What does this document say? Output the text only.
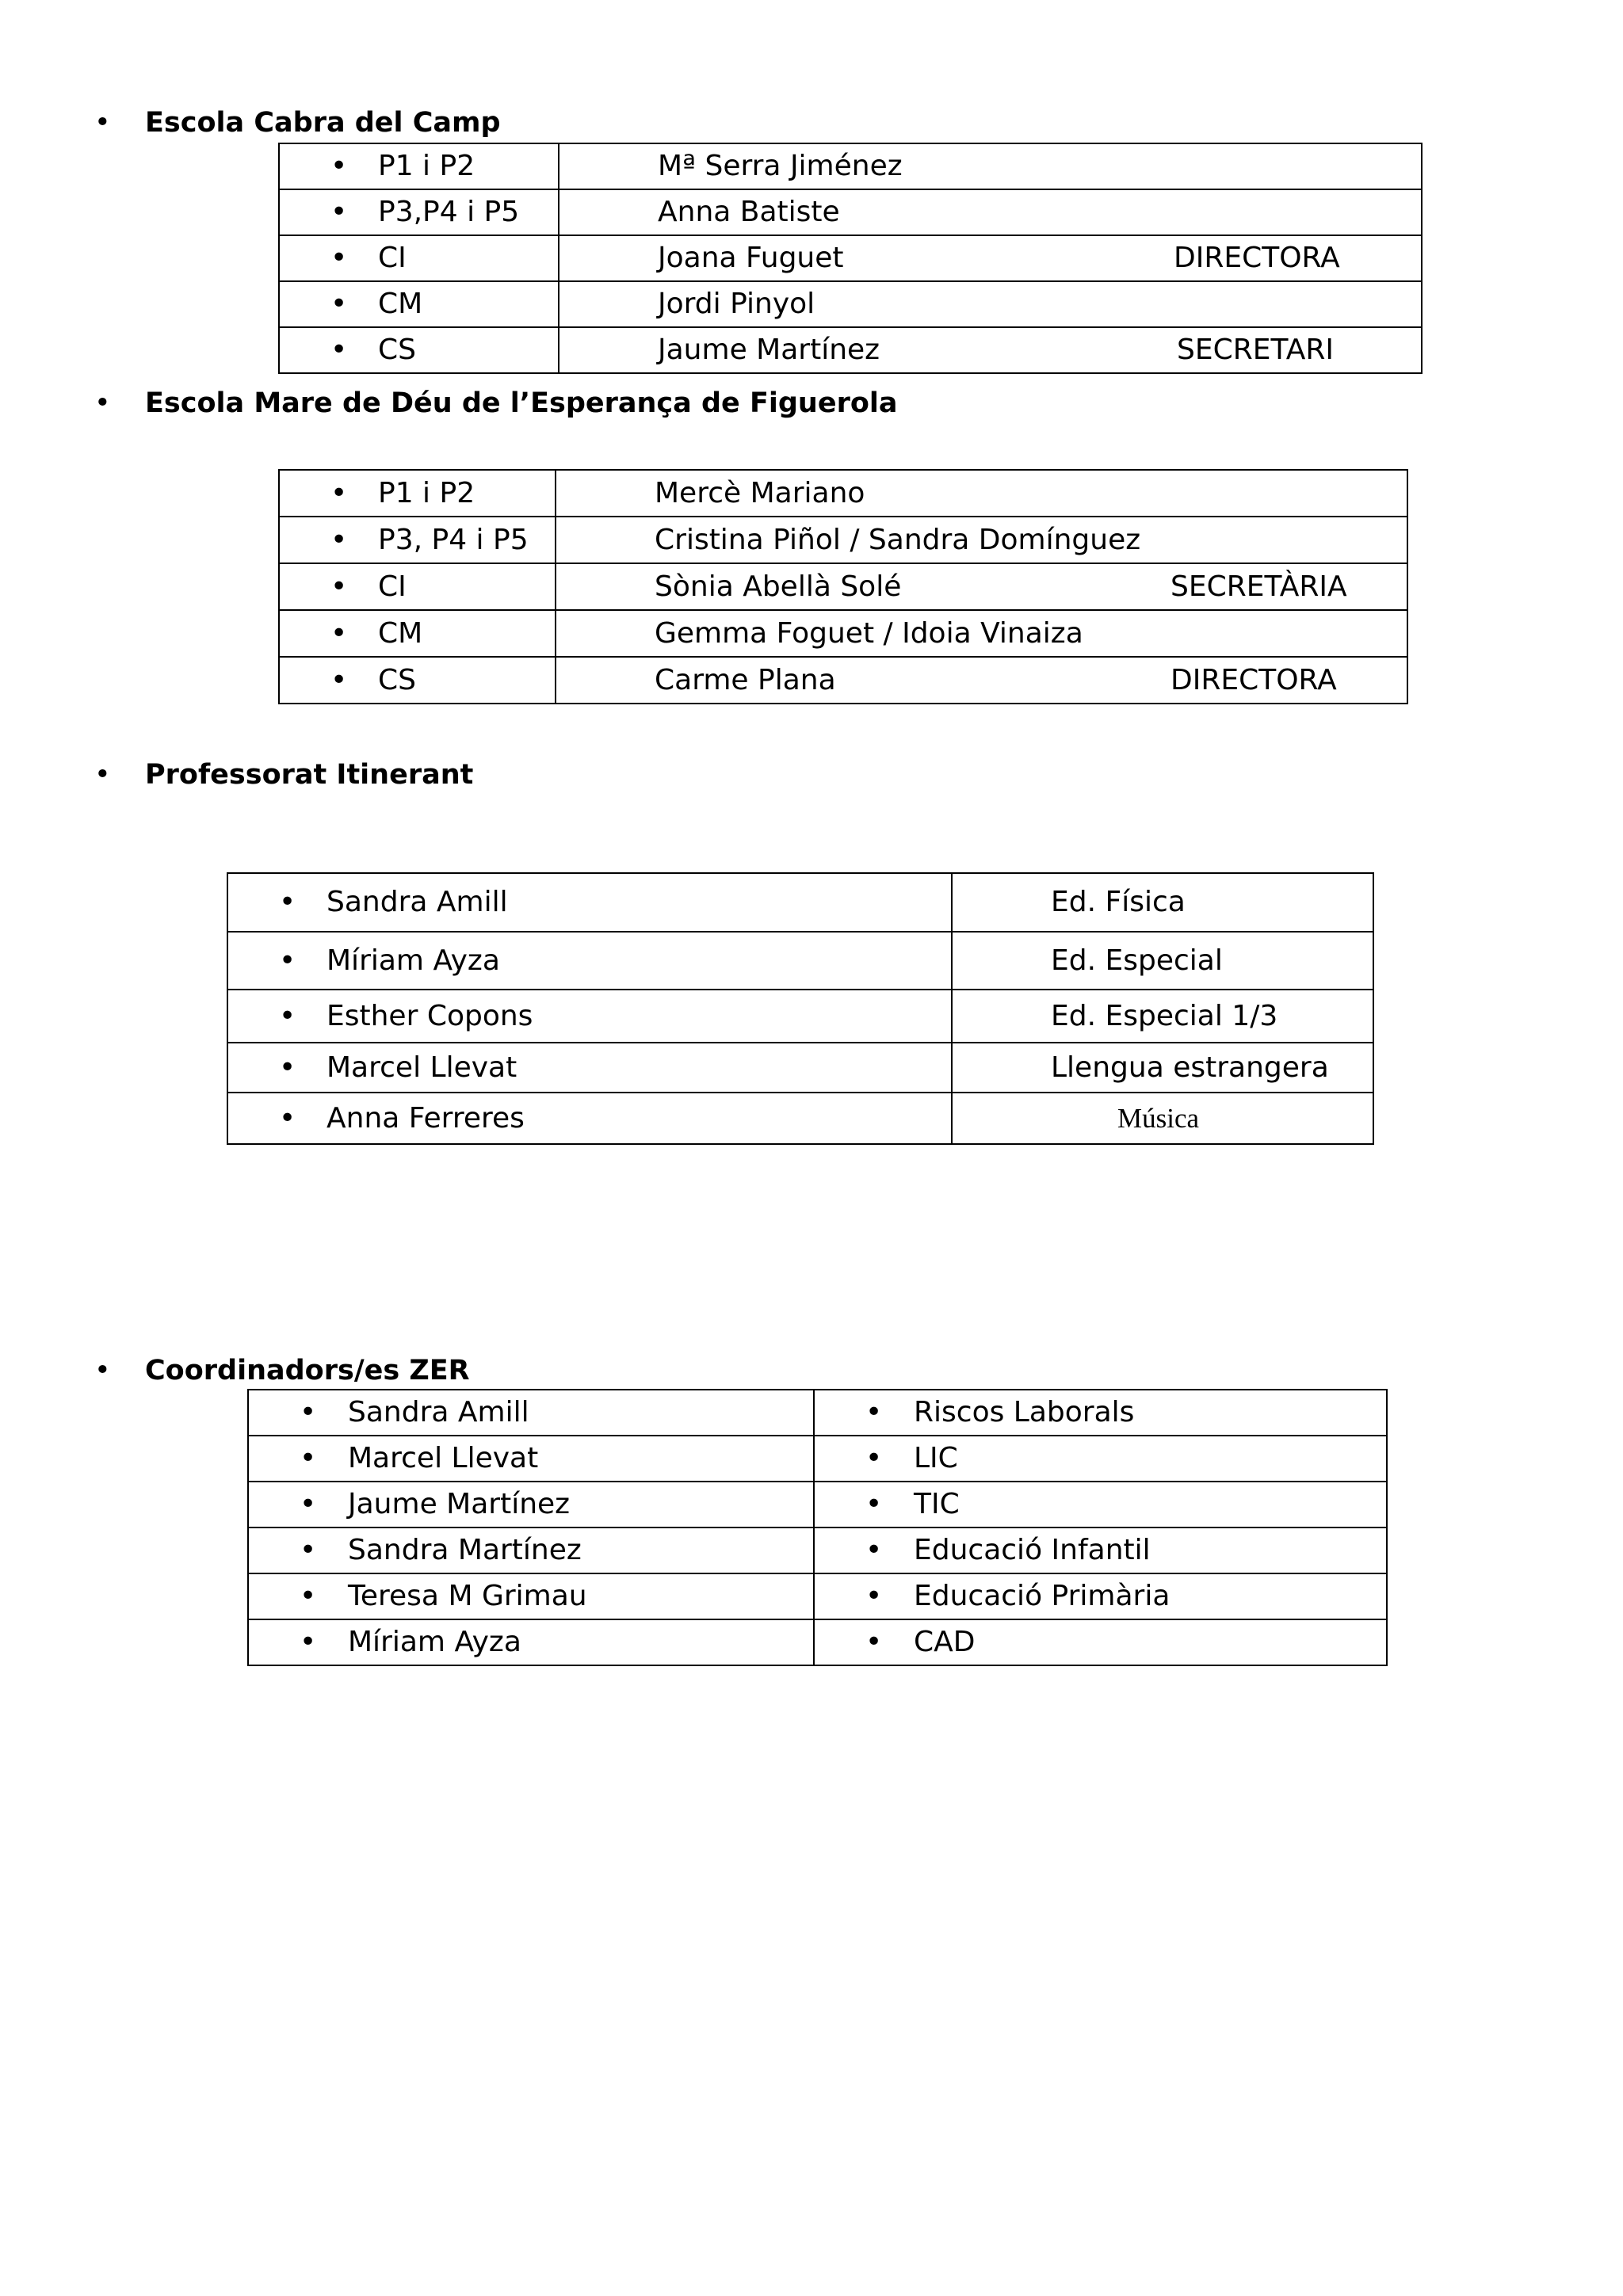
• Escola Cabra del Camp
• P1 i P2	Mª Serra Jiménez

• P3,P4 i P5	Anna Batiste

• CI	Joana Fuguet DIRECTORA

• CM	Jordi Pinyol

• CS	Jaume Martínez SECRETARI
• Escola Mare de Déu de l’Esperança de Figuerola
• P1 i P2	Mercè Mariano

• P3, P4 i P5	Cristina Piñol / Sandra Domínguez

• CI	Sònia Abellà Solé SECRETÀRIA

• CM	Gemma Foguet / Idoia Vinaiza

• CS	Carme Plana DIRECTORA
• Professorat Itinerant
• Sandra Amill	Ed. Física
• Míriam Ayza	Ed. Especial
• Esther Copons	Ed. Especial 1/3
• Marcel Llevat	Llengua estrangera
• Anna Ferreres	Música
• Coordinadors/es ZER
• Sandra Amill	• Riscos Laborals
• Marcel Llevat	• LIC
• Jaume Martínez	• TIC
• Sandra Martínez	• Educació Infantil
• Teresa M Grimau	• Educació Primària
• Míriam Ayza	• CAD
